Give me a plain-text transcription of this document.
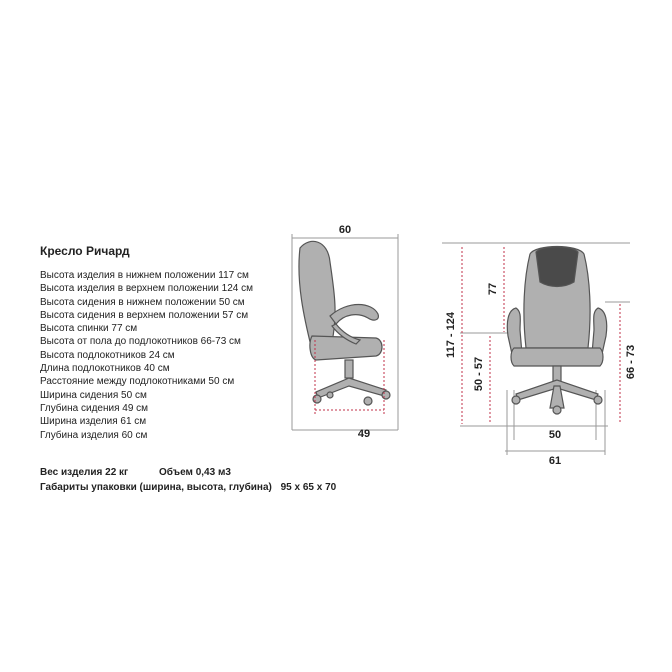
Кресло Ричард
Высота изделия в нижнем положении 117 см
Высота изделия в верхнем положении 124 см
Высота сидения в нижнем положении 50 см
Высота сидения в верхнем положении 57 см
Высота спинки 77 см
Высота от пола до подлокотников 66-73 см
Высота подлокотников 24 см
Длина подлокотников 40 см
Расстояние между подлокотниками 50 см
Ширина сидения 50 см
Глубина сидения 49 см
Ширина изделия 61 см
Глубина изделия 60 см
Вес изделия 22 кг	Объем 0,43 м3
Габариты упаковки (ширина, высота, глубина) 95 х 65 х 70
60
49
117 - 124
77
50 - 57	66 - 73
50
61
